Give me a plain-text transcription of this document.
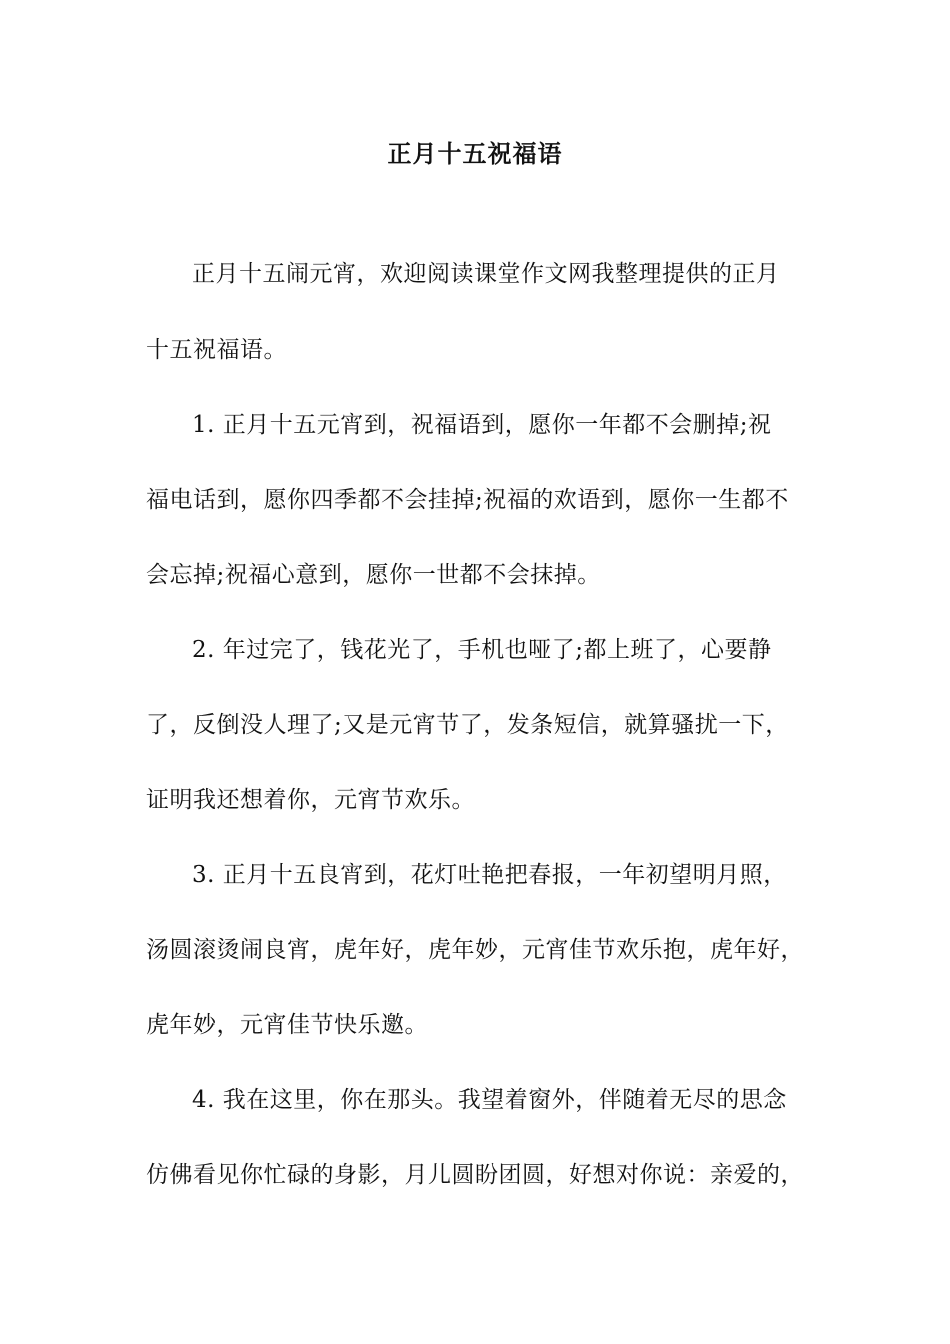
正月十五祝福语

正月十五闹元宵，欢迎阅读课堂作文网我整理提供的正月

十五祝福语。

1. 正月十五元宵到，祝福语到，愿你一年都不会删掉;祝

福电话到，愿你四季都不会挂掉;祝福的欢语到，愿你一生都不

会忘掉;祝福心意到，愿你一世都不会抹掉。

2. 年过完了，钱花光了，手机也哑了;都上班了，心要静

了，反倒没人理了;又是元宵节了，发条短信，就算骚扰一下，

证明我还想着你，元宵节欢乐。

3. 正月十五良宵到，花灯吐艳把春报，一年初望明月照，

汤圆滚烫闹良宵，虎年好，虎年妙，元宵佳节欢乐抱，虎年好，

虎年妙，元宵佳节快乐邀。

4. 我在这里，你在那头。我望着窗外，伴随着无尽的思念

仿佛看见你忙碌的身影，月儿圆盼团圆，好想对你说：亲爱的，
